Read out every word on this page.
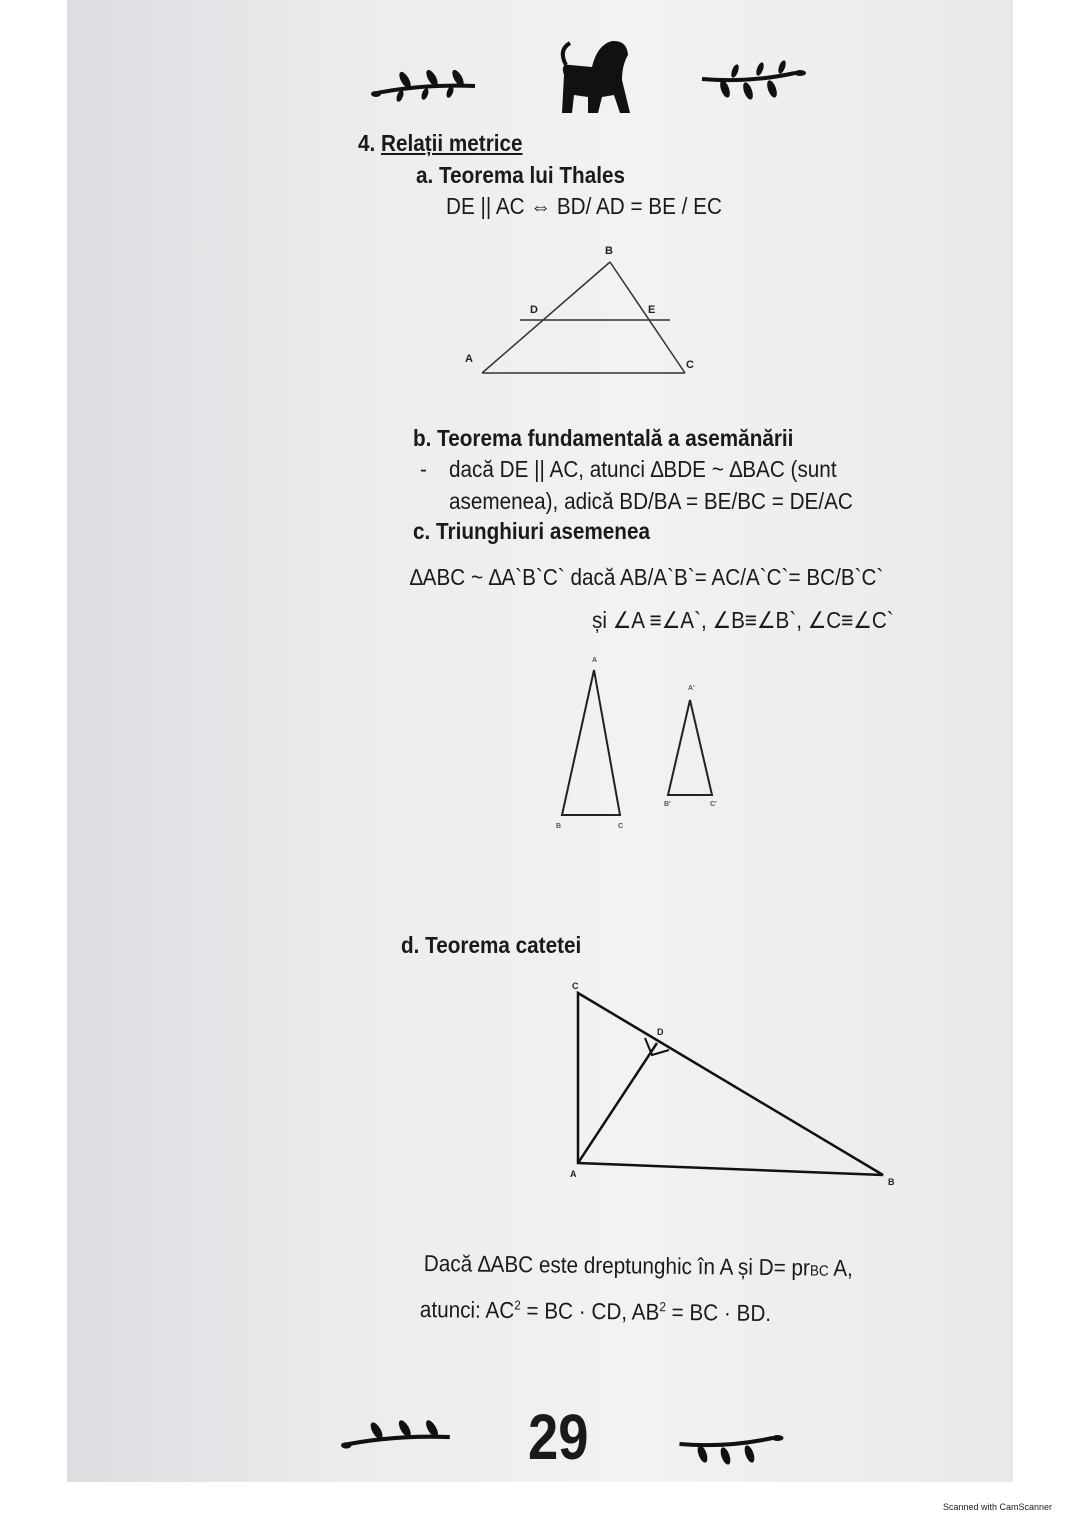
4. Relații metrice
a. Teorema lui Thales
DE || AC ⇔ BD/ AD = BE / EC
B
D	E
A	C
b. Teorema fundamentală a asemănării
- dacă DE || AC, atunci ∆BDE ~ ∆BAC (sunt
asemenea), adică BD/BA = BE/BC = DE/AC
c. Triunghiuri asemenea
∆ABC ~ ∆A`B`C` dacă AB/A`B`= AC/A`C`= BC/B`C`
și ∠A ≡∠A`, ∠B≡∠B`, ∠C≡∠C`
A
B	C
A'
B'	C'
d. Teorema catetei
C
D
A
B
Dacă ∆ABC este dreptunghic în A și D= prBC A,
atunci: $AC^2$ = BC · CD, $AB^2$ = BC · BD.
29
Scanned with CamScanner
